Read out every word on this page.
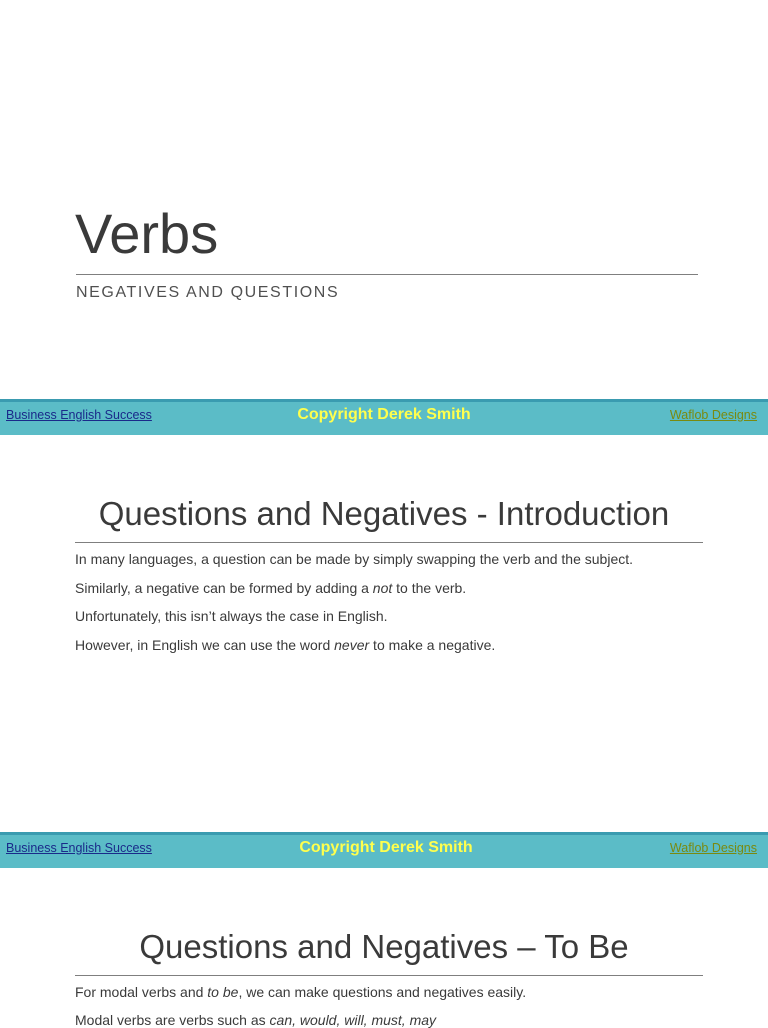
Verbs

NEGATIVES AND QUESTIONS

Business English Success	Copyright Derek Smith	Waflob Designs
Questions and Negatives - Introduction

In many languages, a question can be made by simply swapping the verb and the subject.

Similarly, a negative can be formed by adding a not to the verb.

Unfortunately, this isn’t always the case in English.

However, in English we can use the word never to make a negative.

Business English Success	Copyright Derek Smith	Waflob Designs
Questions and Negatives – To Be

For modal verbs and to be, we can make questions and negatives easily.

Modal verbs are verbs such as can, would, will, must, may
